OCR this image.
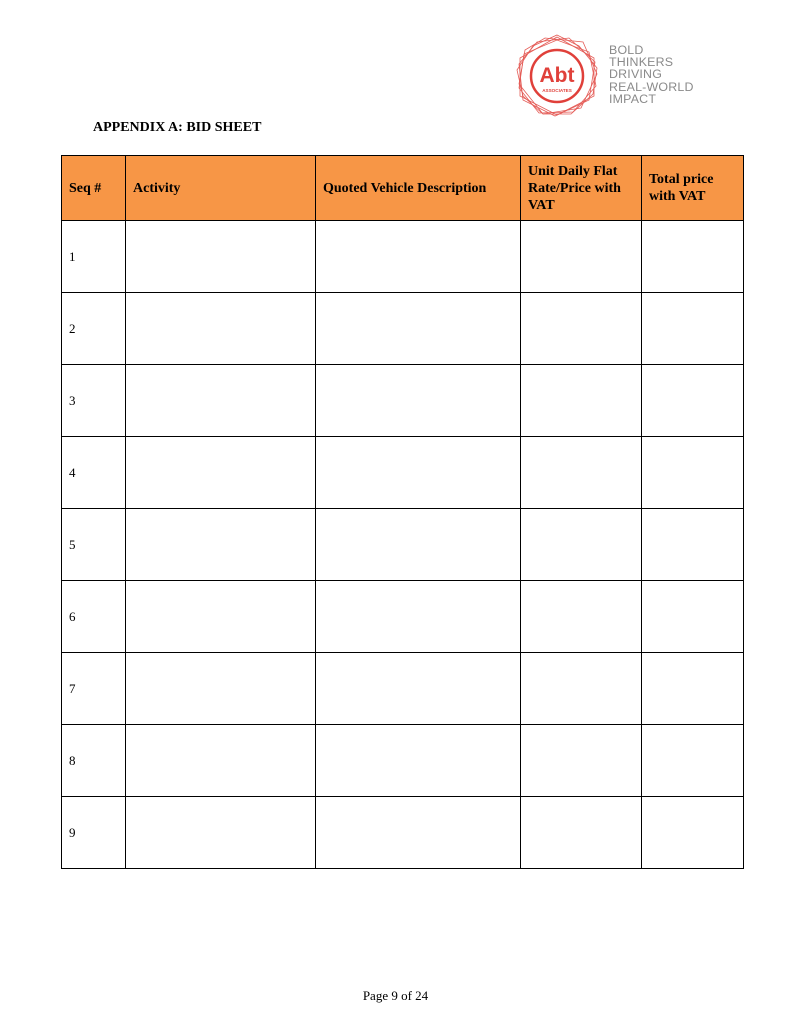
Abt
ASSOCIATES
BOLD
THINKERS
DRIVING
REAL-WORLD
IMPACT
APPENDIX A: BID SHEET
Seq #	Activity	Quoted Vehicle Description	Unit Daily Flat Rate/Price with VAT	Total price with VAT
1				
2				
3				
4				
5				
6				
7				
8				
9				
Page 9 of 24
